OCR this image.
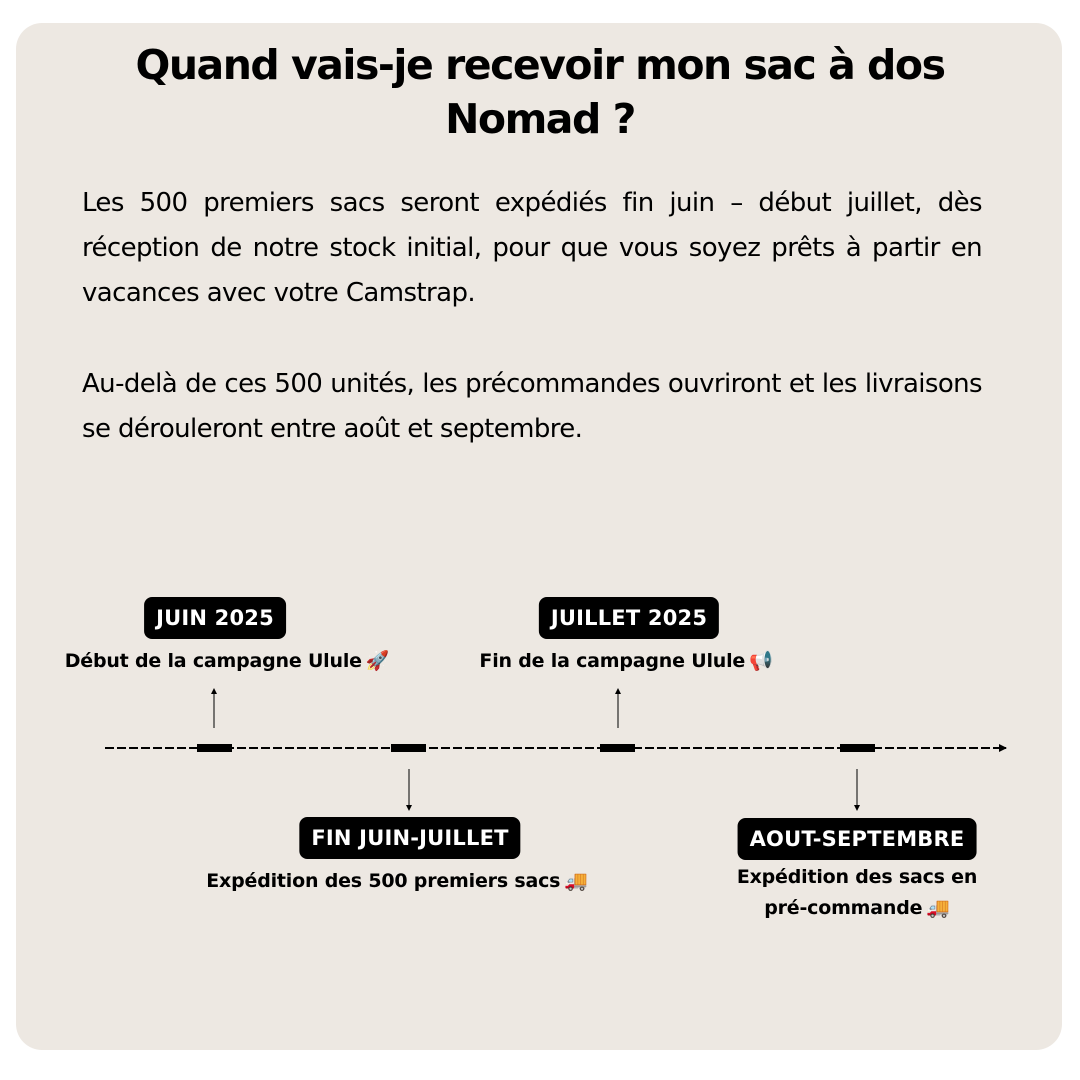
Quand vais-je recevoir mon sac à dos Nomad ?

Les 500 premiers sacs seront expédiés fin juin – début juillet, dès réception de notre stock initial, pour que vous soyez prêts à partir en vacances avec votre Camstrap.

Au-delà de ces 500 unités, les précommandes ouvriront et les livraisons se dérouleront entre août et septembre.

JUIN 2025
Début de la campagne Ulule 🚀
FIN JUIN-JUILLET
Expédition des 500 premiers sacs 🚚
JUILLET 2025
Fin de la campagne Ulule 📢
AOUT-SEPTEMBRE
Expédition des sacs en
pré-commande 🚚
